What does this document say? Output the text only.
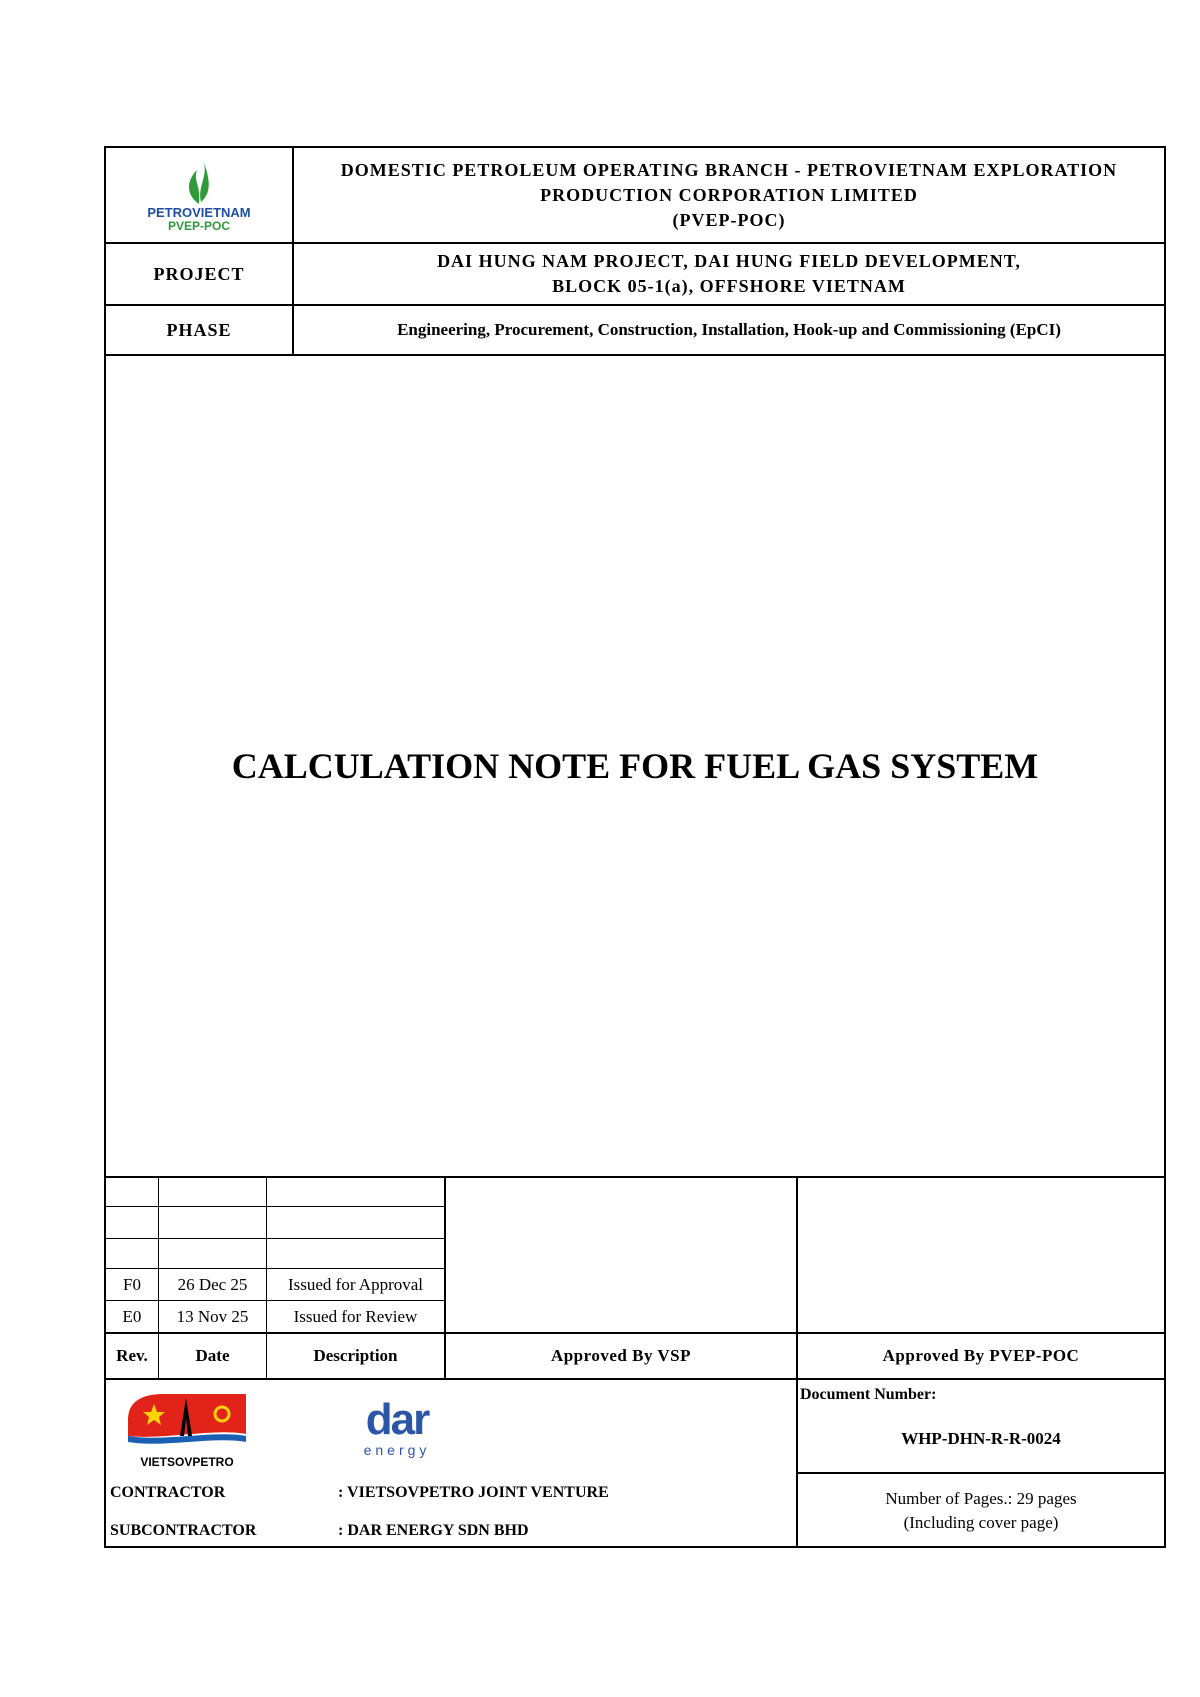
PETROVIETNAM
PVEP-POC
DOMESTIC PETROLEUM OPERATING BRANCH - PETROVIETNAM EXPLORATION
PRODUCTION CORPORATION LIMITED
(PVEP-POC)
PROJECT
DAI HUNG NAM PROJECT, DAI HUNG FIELD DEVELOPMENT,
BLOCK 05-1(a), OFFSHORE VIETNAM
PHASE	Engineering, Procurement, Construction, Installation, Hook-up and Commissioning (EpCI)
CALCULATION NOTE FOR FUEL GAS SYSTEM
F0	26 Dec 25	Issued for Approval
E0	13 Nov 25	Issued for Review
Rev.	Date	Description	Approved By VSP	Approved By PVEP-POC
VIETSOVPETRO
dar
energy
CONTRACTOR	: VIETSOVPETRO JOINT VENTURE
SUBCONTRACTOR	: DAR ENERGY SDN BHD
Document Number:
WHP-DHN-R-R-0024
Number of Pages.: 29 pages
(Including cover page)
